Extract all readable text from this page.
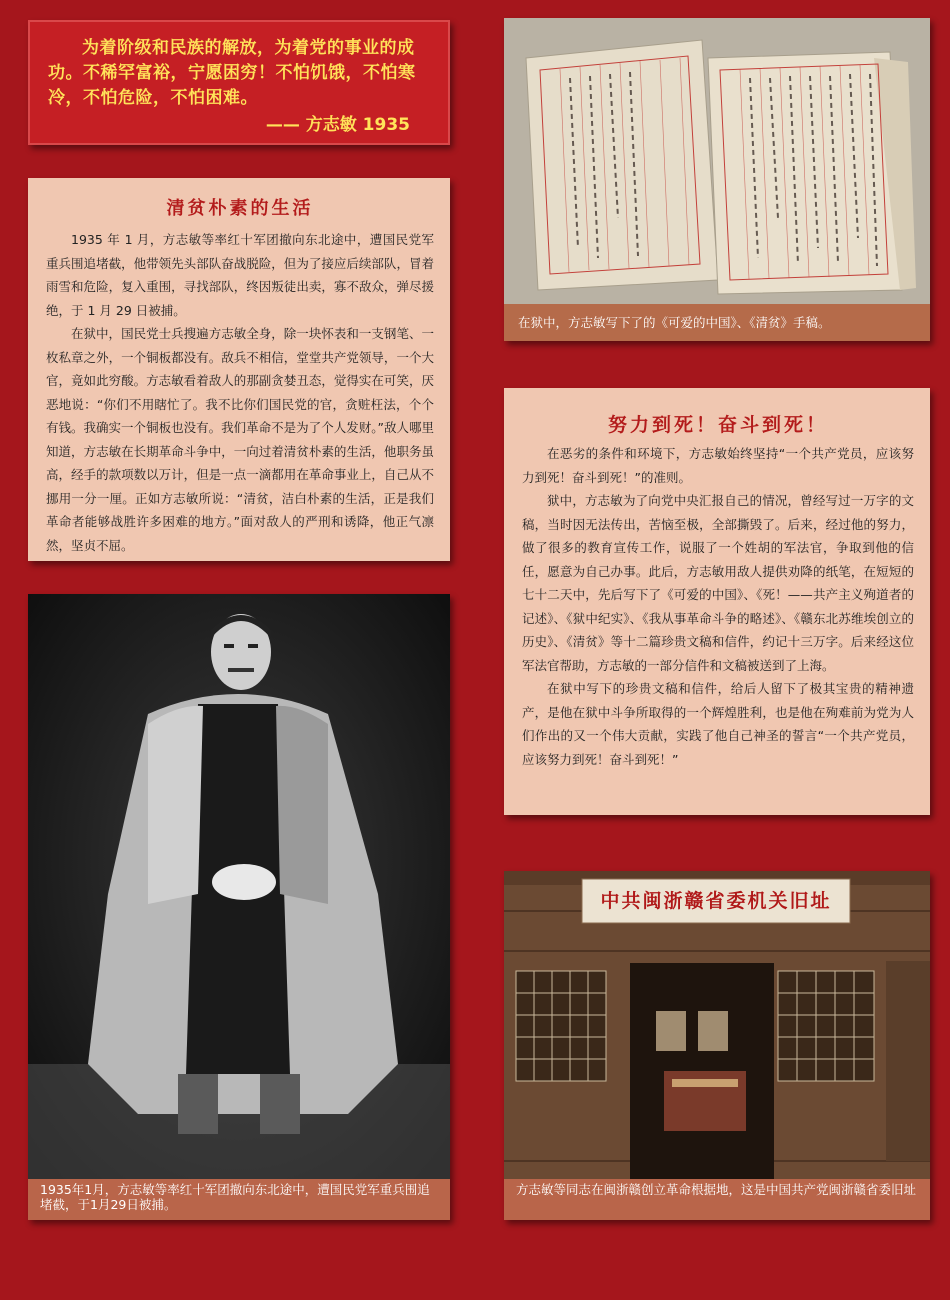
为着阶级和民族的解放，为着党的事业的成功。不稀罕富裕，宁愿困穷！不怕饥饿，不怕寒冷，不怕危险，不怕困难。
—— 方志敏 1935
在狱中，方志敏写下了的《可爱的中国》、《清贫》手稿。
清贫朴素的生活

1935 年 1 月，方志敏等率红十军团撤向东北途中，遭国民党军重兵围追堵截，他带领先头部队奋战脱险，但为了接应后续部队，冒着雨雪和危险，复入重围，寻找部队，终因叛徒出卖，寡不敌众，弹尽援绝，于 1 月 29 日被捕。

在狱中，国民党士兵搜遍方志敏全身，除一块怀表和一支钢笔、一枚私章之外，一个铜板都没有。敌兵不相信，堂堂共产党领导，一个大官，竟如此穷酸。方志敏看着敌人的那副贪婪丑态，觉得实在可笑，厌恶地说：“你们不用瞎忙了。我不比你们国民党的官，贪赃枉法，个个有钱。我确实一个铜板也没有。我们革命不是为了个人发财。”敌人哪里知道，方志敏在长期革命斗争中，一向过着清贫朴素的生活，他职务虽高，经手的款项数以万计，但是一点一滴都用在革命事业上，自己从不挪用一分一厘。正如方志敏所说：“清贫，洁白朴素的生活，正是我们革命者能够战胜许多困难的地方。”面对敌人的严刑和诱降，他正气凛然，坚贞不屈。

努力到死！奋斗到死！

在恶劣的条件和环境下，方志敏始终坚持“一个共产党员，应该努力到死！奋斗到死！”的准则。

狱中，方志敏为了向党中央汇报自己的情况，曾经写过一万字的文稿，当时因无法传出，苦恼至极，全部撕毁了。后来，经过他的努力，做了很多的教育宣传工作，说服了一个姓胡的军法官，争取到他的信任，愿意为自己办事。此后，方志敏用敌人提供劝降的纸笔，在短短的七十二天中，先后写下了《可爱的中国》、《死！——共产主义殉道者的记述》、《狱中纪实》、《我从事革命斗争的略述》、《赣东北苏维埃创立的历史》、《清贫》等十二篇珍贵文稿和信件，约记十三万字。后来经这位军法官帮助，方志敏的一部分信件和文稿被送到了上海。

在狱中写下的珍贵文稿和信件，给后人留下了极其宝贵的精神遗产，是他在狱中斗争所取得的一个辉煌胜利，也是他在殉难前为党为人们作出的又一个伟大贡献，实践了他自己神圣的誓言“一个共产党员，应该努力到死！奋斗到死！”

1935年1月，方志敏等率红十军团撤向东北途中，遭国民党军重兵围追堵截，于1月29日被捕。
中共闽浙赣省委机关旧址
方志敏等同志在闽浙赣创立革命根据地，这是中国共产党闽浙赣省委旧址
